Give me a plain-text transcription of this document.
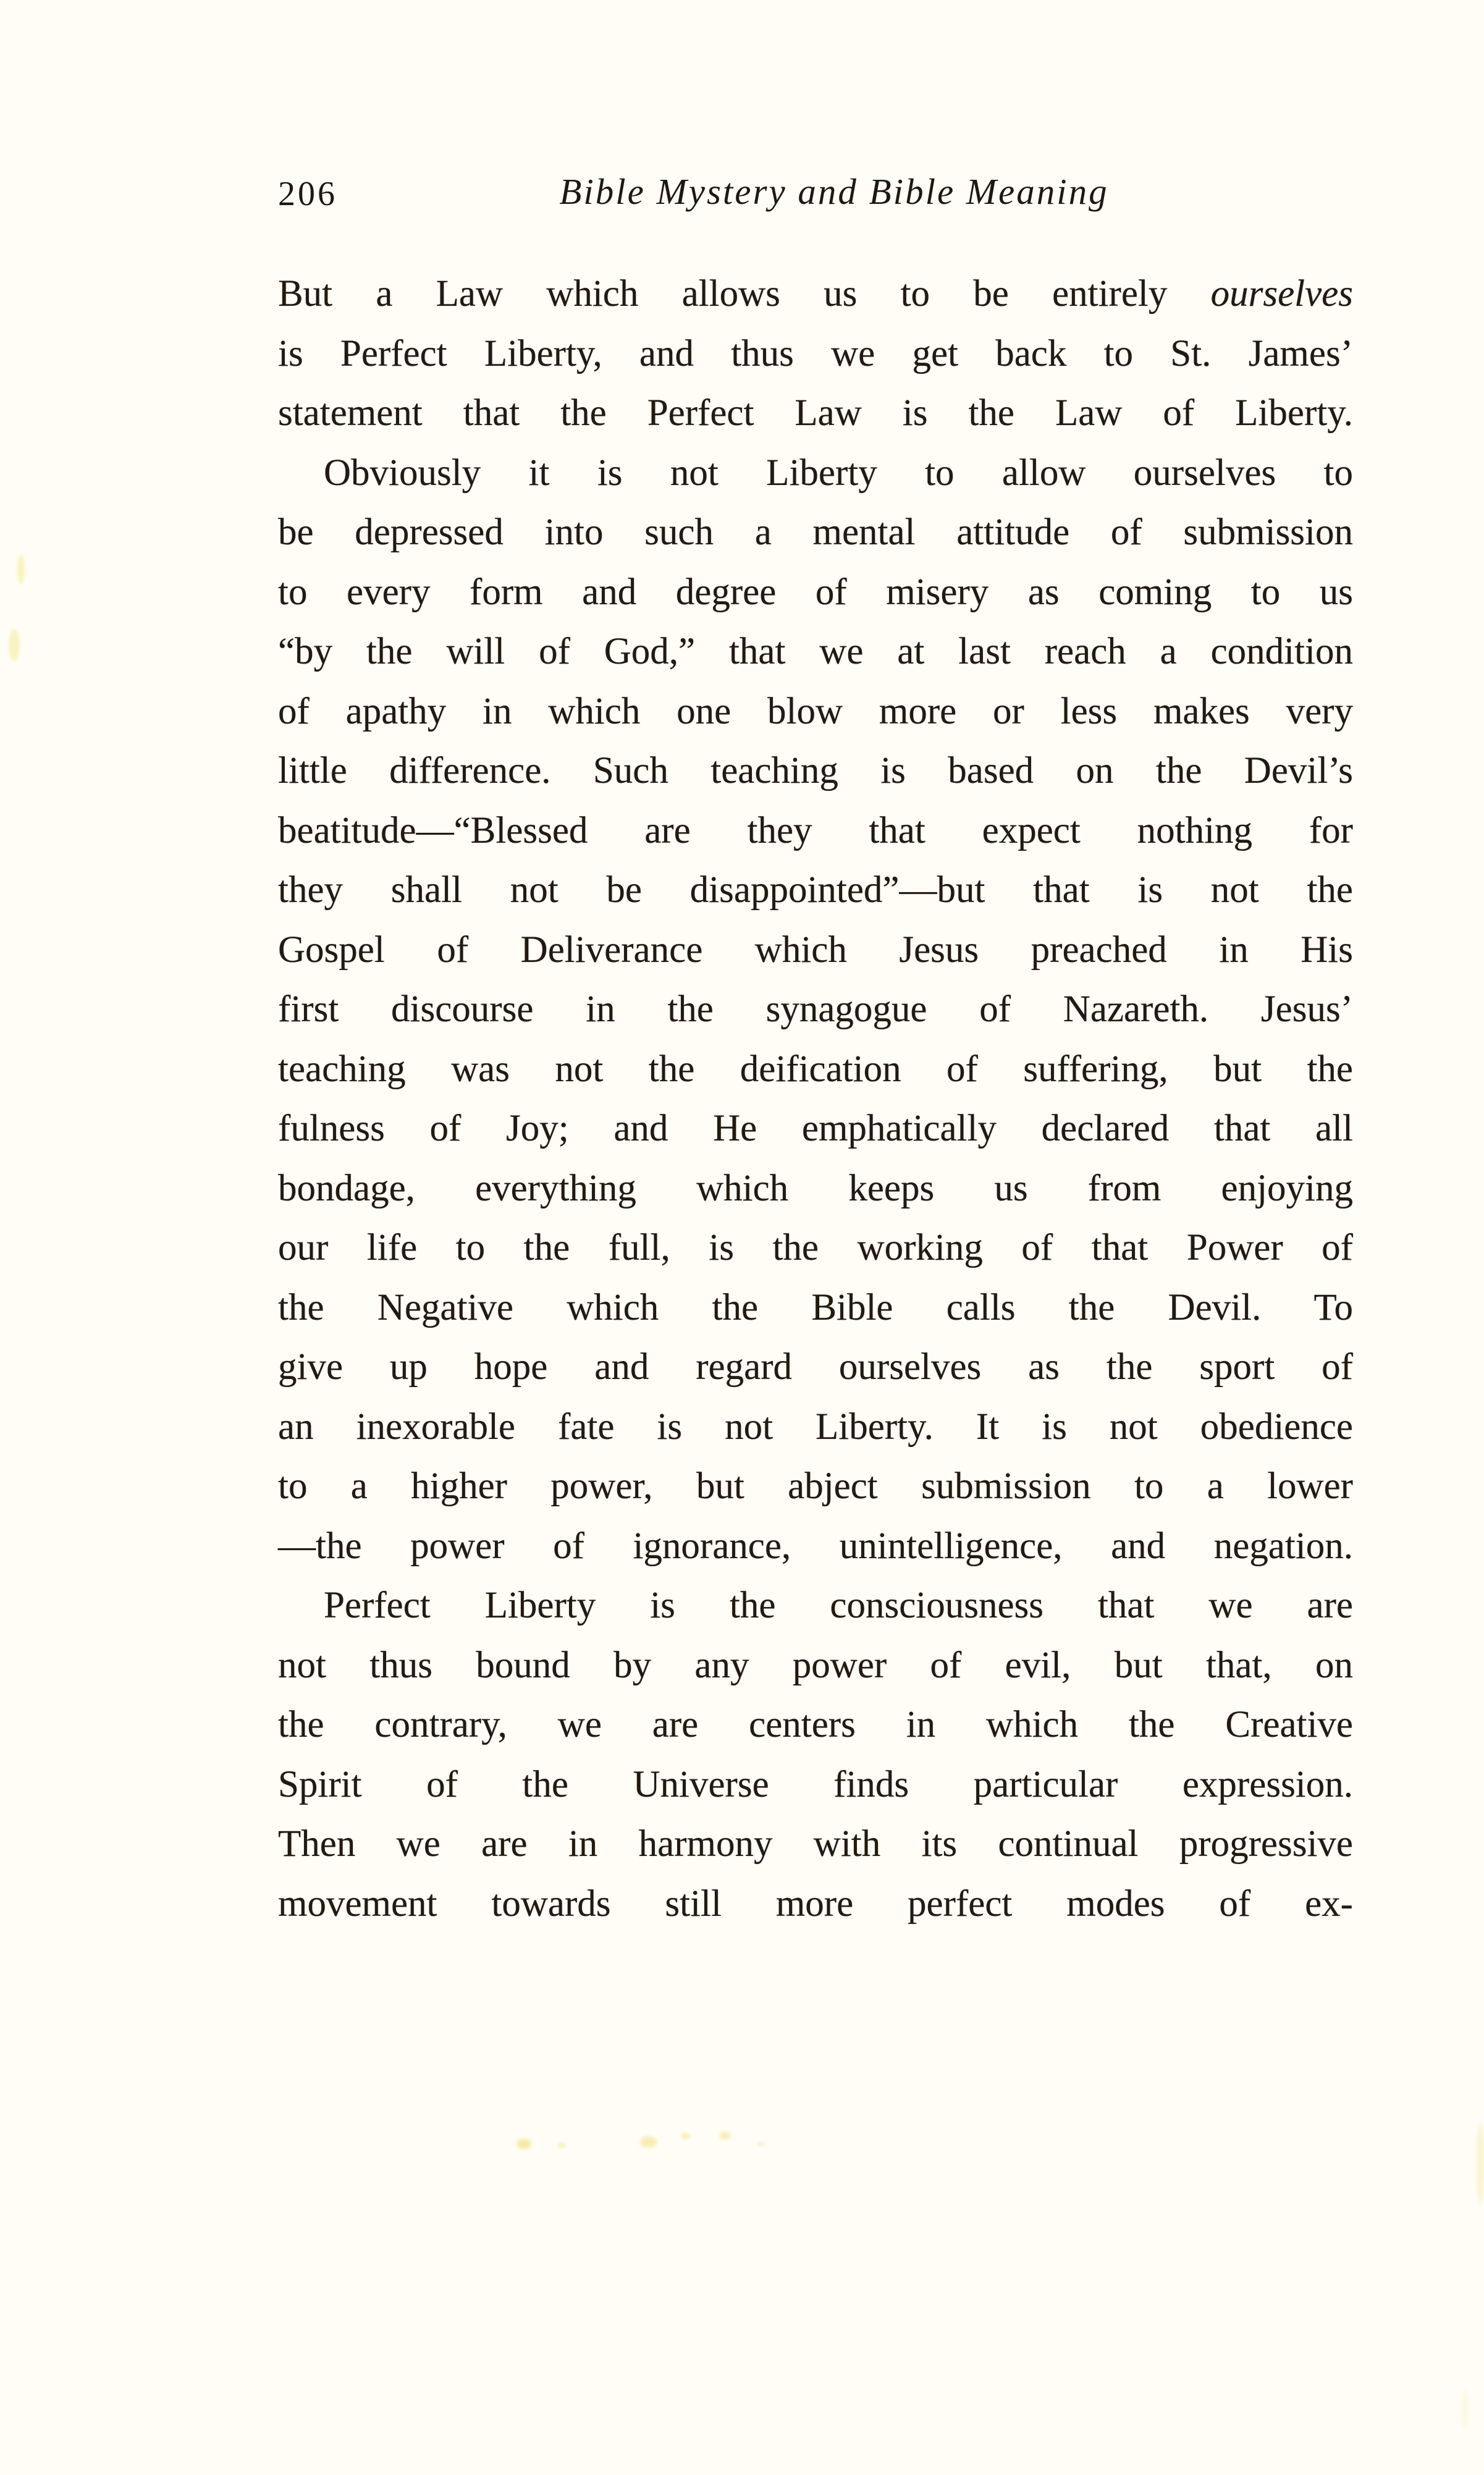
206	Bible Mystery and Bible Meaning
But a Law which allows us to be entirely ourselves
is Perfect Liberty, and thus we get back to St. James’
statement that the Perfect Law is the Law of Liberty.
Obviously it is not Liberty to allow ourselves to
be depressed into such a mental attitude of submission
to every form and degree of misery as coming to us
“by the will of God,” that we at last reach a condition
of apathy in which one blow more or less makes very
little difference. Such teaching is based on the Devil’s
beatitude—“Blessed are they that expect nothing for
they shall not be disappointed”—but that is not the
Gospel of Deliverance which Jesus preached in His
first discourse in the synagogue of Nazareth. Jesus’
teaching was not the deification of suffering, but the
fulness of Joy; and He emphatically declared that all
bondage, everything which keeps us from enjoying
our life to the full, is the working of that Power of
the Negative which the Bible calls the Devil. To
give up hope and regard ourselves as the sport of
an inexorable fate is not Liberty. It is not obedience
to a higher power, but abject submission to a lower
—the power of ignorance, unintelligence, and negation.
Perfect Liberty is the consciousness that we are
not thus bound by any power of evil, but that, on
the contrary, we are centers in which the Creative
Spirit of the Universe finds particular expression.
Then we are in harmony with its continual progressive
movement towards still more perfect modes of ex-
